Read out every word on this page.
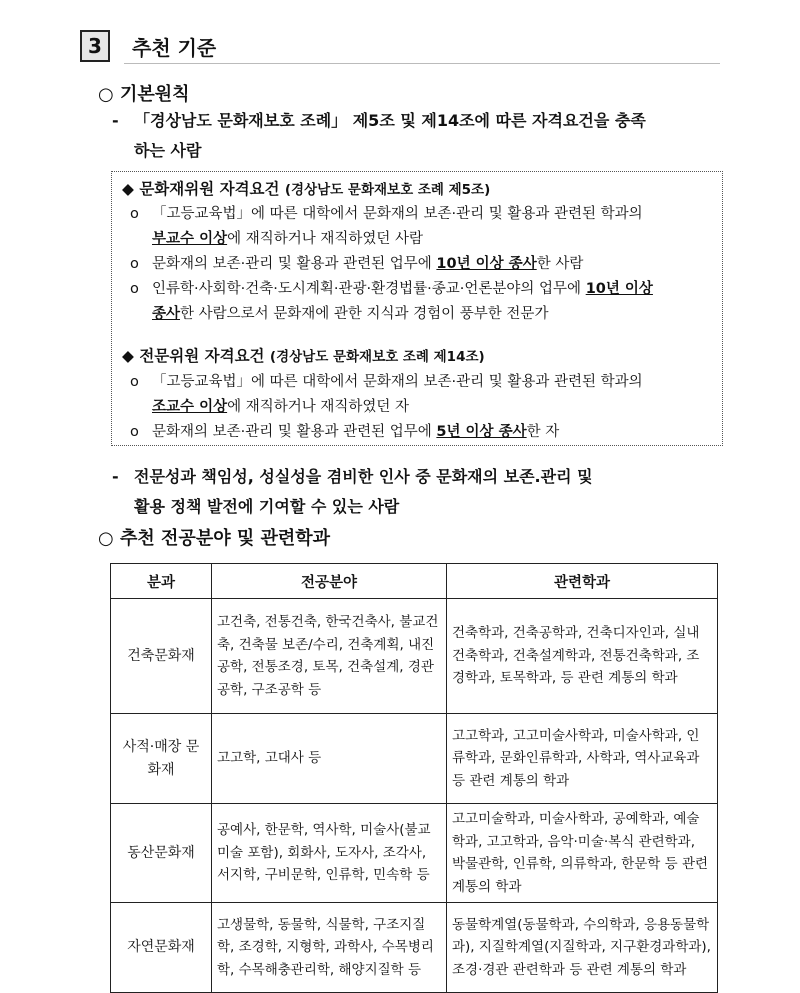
3	추천 기준
○ 기본원칙
- 「경상남도 문화재보호 조례」 제5조 및 제14조에 따른 자격요건을 충족
하는 사람
◆ 문화재위원 자격요건 (경상남도 문화재보호 조례 제5조)
ο 「고등교육법」에 따른 대학에서 문화재의 보존·관리 및 활용과 관련된 학과의
부교수 이상에 재직하거나 재직하였던 사람
ο 문화재의 보존·관리 및 활용과 관련된 업무에 10년 이상 종사한 사람
ο 인류학·사회학·건축·도시계획·관광·환경법률·종교·언론분야의 업무에 10년 이상
종사한 사람으로서 문화재에 관한 지식과 경험이 풍부한 전문가
◆ 전문위원 자격요건 (경상남도 문화재보호 조례 제14조)
ο 「고등교육법」에 따른 대학에서 문화재의 보존·관리 및 활용과 관련된 학과의
조교수 이상에 재직하거나 재직하였던 자
ο 문화재의 보존·관리 및 활용과 관련된 업무에 5년 이상 종사한 자
- 전문성과 책임성, 성실성을 겸비한 인사 중 문화재의 보존.관리 및
활용 정책 발전에 기여할 수 있는 사람
○ 추천 전공분야 및 관련학과
분과	전공분야	관련학과
건축문화재	고건축, 전통건축, 한국건축사, 불교건축, 건축물 보존/수리, 건축계획, 내진공학, 전통조경, 토목, 건축설계, 경관공학, 구조공학 등	건축학과, 건축공학과, 건축디자인과, 실내건축학과, 건축설계학과, 전통건축학과, 조경학과, 토목학과, 등 관련 계통의 학과
사적·매장 문화재	고고학, 고대사 등	고고학과, 고고미술사학과, 미술사학과, 인류학과, 문화인류학과, 사학과, 역사교육과 등 관련 계통의 학과
동산문화재	공예사, 한문학, 역사학, 미술사(불교미술 포함), 회화사, 도자사, 조각사, 서지학, 구비문학, 인류학, 민속학 등	고고미술학과, 미술사학과, 공예학과, 예술학과, 고고학과, 음악·미술·복식 관련학과, 박물관학, 인류학, 의류학과, 한문학 등 관련 계통의 학과
자연문화재	고생물학, 동물학, 식물학, 구조지질학, 조경학, 지형학, 과학사, 수목병리학, 수목해충관리학, 해양지질학 등	동물학계열(동물학과, 수의학과, 응용동물학과), 지질학계열(지질학과, 지구환경과학과), 조경·경관 관련학과 등 관련 계통의 학과
